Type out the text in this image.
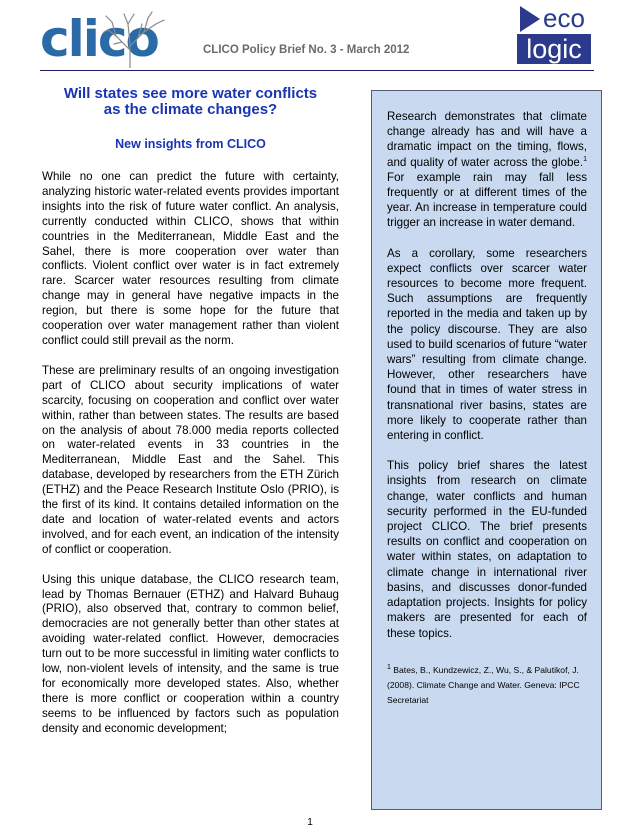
clico	CLICO Policy Brief No. 3 - March 2012
eco
logic
Will states see more water conflicts
as the climate changes?
New insights from CLICO

While no one can predict the future with certainty, analyzing historic water-related events provides important insights into the risk of future water conflict. An analysis, currently conducted within CLICO, shows that within countries in the Mediterranean, Middle East and the Sahel, there is more cooperation over water than conflicts. Violent conflict over water is in fact extremely rare. Scarcer water resources resulting from climate change may in general have negative impacts in the region, but there is some hope for the future that cooperation over water management rather than violent conflict could still prevail as the norm.

These are preliminary results of an ongoing investigation part of CLICO about security implications of water scarcity, focusing on cooperation and conflict over water within, rather than between states. The results are based on the analysis of about 78.000 media reports collected on water-related events in 33 countries in the Mediterranean, Middle East and the Sahel. This database, developed by researchers from the ETH Zürich (ETHZ) and the Peace Research Institute Oslo (PRIO), is the first of its kind. It contains detailed information on the date and location of water-related events and actors involved, and for each event, an indication of the intensity of conflict or cooperation.

Using this unique database, the CLICO research team, lead by Thomas Bernauer (ETHZ) and Halvard Buhaug (PRIO), also observed that, contrary to common belief, democracies are not generally better than other states at avoiding water-related conflict. However, democracies turn out to be more successful in limiting water conflicts to low, non-violent levels of intensity, and the same is true for economically more developed states. Also, whether there is more conflict or cooperation within a country seems to be influenced by factors such as population density and economic development;

Research demonstrates that climate change already has and will have a dramatic impact on the timing, flows, and quality of water across the globe.$^1$ For example rain may fall less frequently or at different times of the year. An increase in temperature could trigger an increase in water demand.

As a corollary, some researchers expect conflicts over scarcer water resources to become more frequent. Such assumptions are frequently reported in the media and taken up by the policy discourse. They are also used to build scenarios of future “water wars” resulting from climate change. However, other researchers have found that in times of water stress in transnational river basins, states are more likely to cooperate rather than entering in conflict.

This policy brief shares the latest insights from research on climate change, water conflicts and human security performed in the EU-funded project CLICO. The brief presents results on conflict and cooperation on water within states, on adaptation to climate change in international river basins, and discusses donor-funded adaptation projects. Insights for policy makers are presented for each of these topics.

$^1$ Bates, B., Kundzewicz, Z., Wu, S., & Palutikof, J. (2008). Climate Change and Water. Geneva: IPCC Secretariat

1
